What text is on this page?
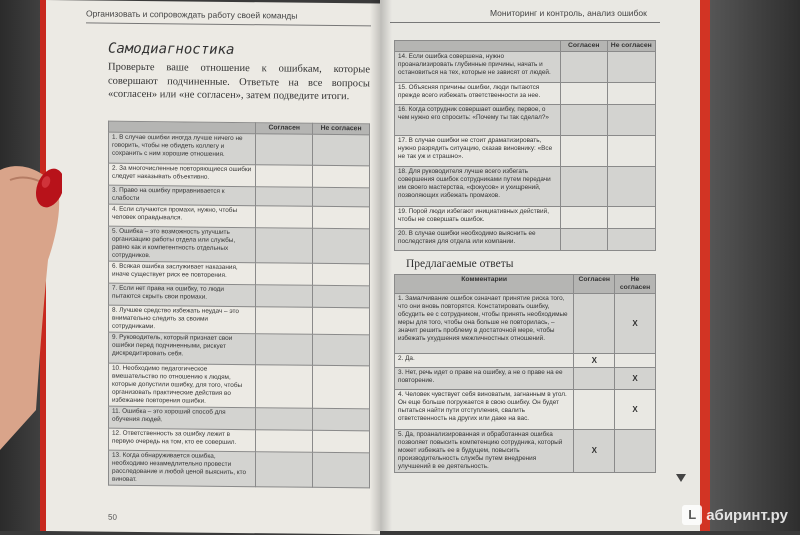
Организовать и сопровождать работу своей команды
Самодиагностика
Проверьте ваше отношение к ошибкам, которые совершают подчиненные. Ответьте на все вопросы «согласен» или «не согласен», затем подведите итоги.
	Согласен	Не согласен
1. В случае ошибки иногда лучше ничего не говорить, чтобы не обидеть коллегу и сохранить с ним хорошие отношения.		
2. За многочисленные повторяющиеся ошибки следует наказывать объективно.		
3. Право на ошибку приравнивается к слабости		
4. Если случаются промахи, нужно, чтобы человек оправдывался.		
5. Ошибка – это возможность улучшить организацию работы отдела или службы, равно как и компетентность отдельных сотрудников.		
6. Всякая ошибка заслуживает наказания, иначе существует риск ее повторения.		
7. Если нет права на ошибку, то люди пытаются скрыть свои промахи.		
8. Лучшее средство избежать неудач – это внимательно следить за своими сотрудниками.		
9. Руководитель, который признает свои ошибки перед подчиненными, рискует дискредитировать себя.		
10. Необходимо педагогическое вмешательство по отношению к людям, которые допустили ошибку, для того, чтобы организовать практические действия во избежание повторения ошибки.		
11. Ошибка – это хороший способ для обучения людей.		
12. Ответственность за ошибку лежит в первую очередь на том, кто ее совершил.		
13. Когда обнаруживается ошибка, необходимо незамедлительно провести расследование и любой ценой выяснить, кто виноват.		
50
Мониторинг и контроль, анализ ошибок
	Согласен	Не согласен
14. Если ошибка совершена, нужно проанализировать глубинные причины, начать и остановиться на тех, которые не зависят от людей.		
15. Объясняя причины ошибки, люди пытаются прежде всего избежать ответственности за нее.		
16. Когда сотрудник совершает ошибку, первое, о чем нужно его спросить: «Почему ты так сделал?»		
17. В случае ошибки не стоит драматизировать, нужно разрядить ситуацию, сказав виновнику: «Все не так уж и страшно».		
18. Для руководителя лучше всего избегать совершения ошибок сотрудниками путем передачи им своего мастерства, «фокусов» и ухищрений, позволяющих избежать промахов.		
19. Порой люди избегают инициативных действий, чтобы не совершать ошибок.		
20. В случае ошибки необходимо выяснить ее последствия для отдела или компании.		
Предлагаемые ответы
Комментарии	Согласен	Не согласен
1. Замалчивание ошибок означает принятие риска того, что они вновь повторятся. Констатировать ошибку, обсудить ее с сотрудником, чтобы принять необходимые меры для того, чтобы она больше не повторилась, – значит решить проблему в достаточной мере, чтобы избежать ухудшения межличностных отношений.		X
2. Да.	X	
3. Нет, речь идет о праве на ошибку, а не о праве на ее повторение.		X
4. Человек чувствует себя виноватым, загнанным в угол. Он еще больше погружается в свою ошибку. Он будет пытаться найти пути отступления, свалить ответственность на других или даже на вас.		X
5. Да, проанализированная и обработанная ошибка позволяет повысить компетенцию сотрудника, который может избежать ее в будущем, повысить производительность службы путем внедрения улучшений в ее деятельность.	X	
L абиринт.ру
